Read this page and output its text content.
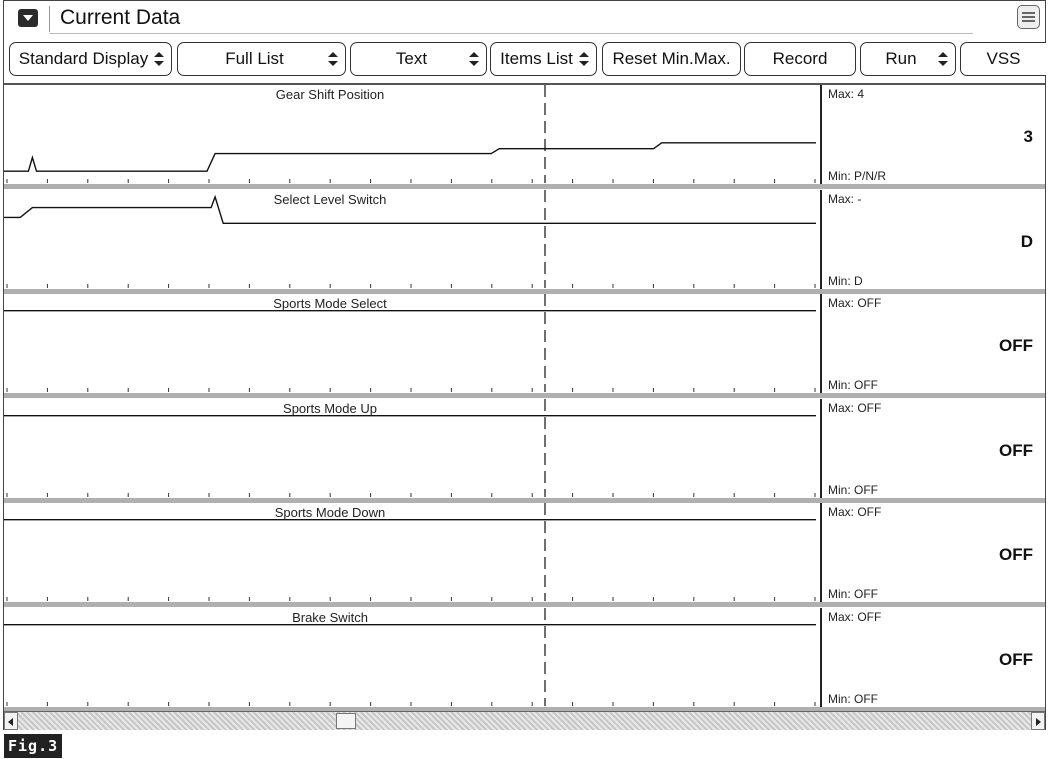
Current Data
Standard Display	Full List	Text	Items List	Reset Min.Max.	Record	Run	VSS
Gear Shift Position	Max: 4
Min: P/N/R
3
Select Level Switch	Max: -
Min: D
D
Sports Mode Select	Max: OFF
Min: OFF
OFF
Sports Mode Up	Max: OFF
Min: OFF
OFF
Sports Mode Down	Max: OFF
Min: OFF
OFF
Brake Switch	Max: OFF
Min: OFF
OFF
Fig.3
